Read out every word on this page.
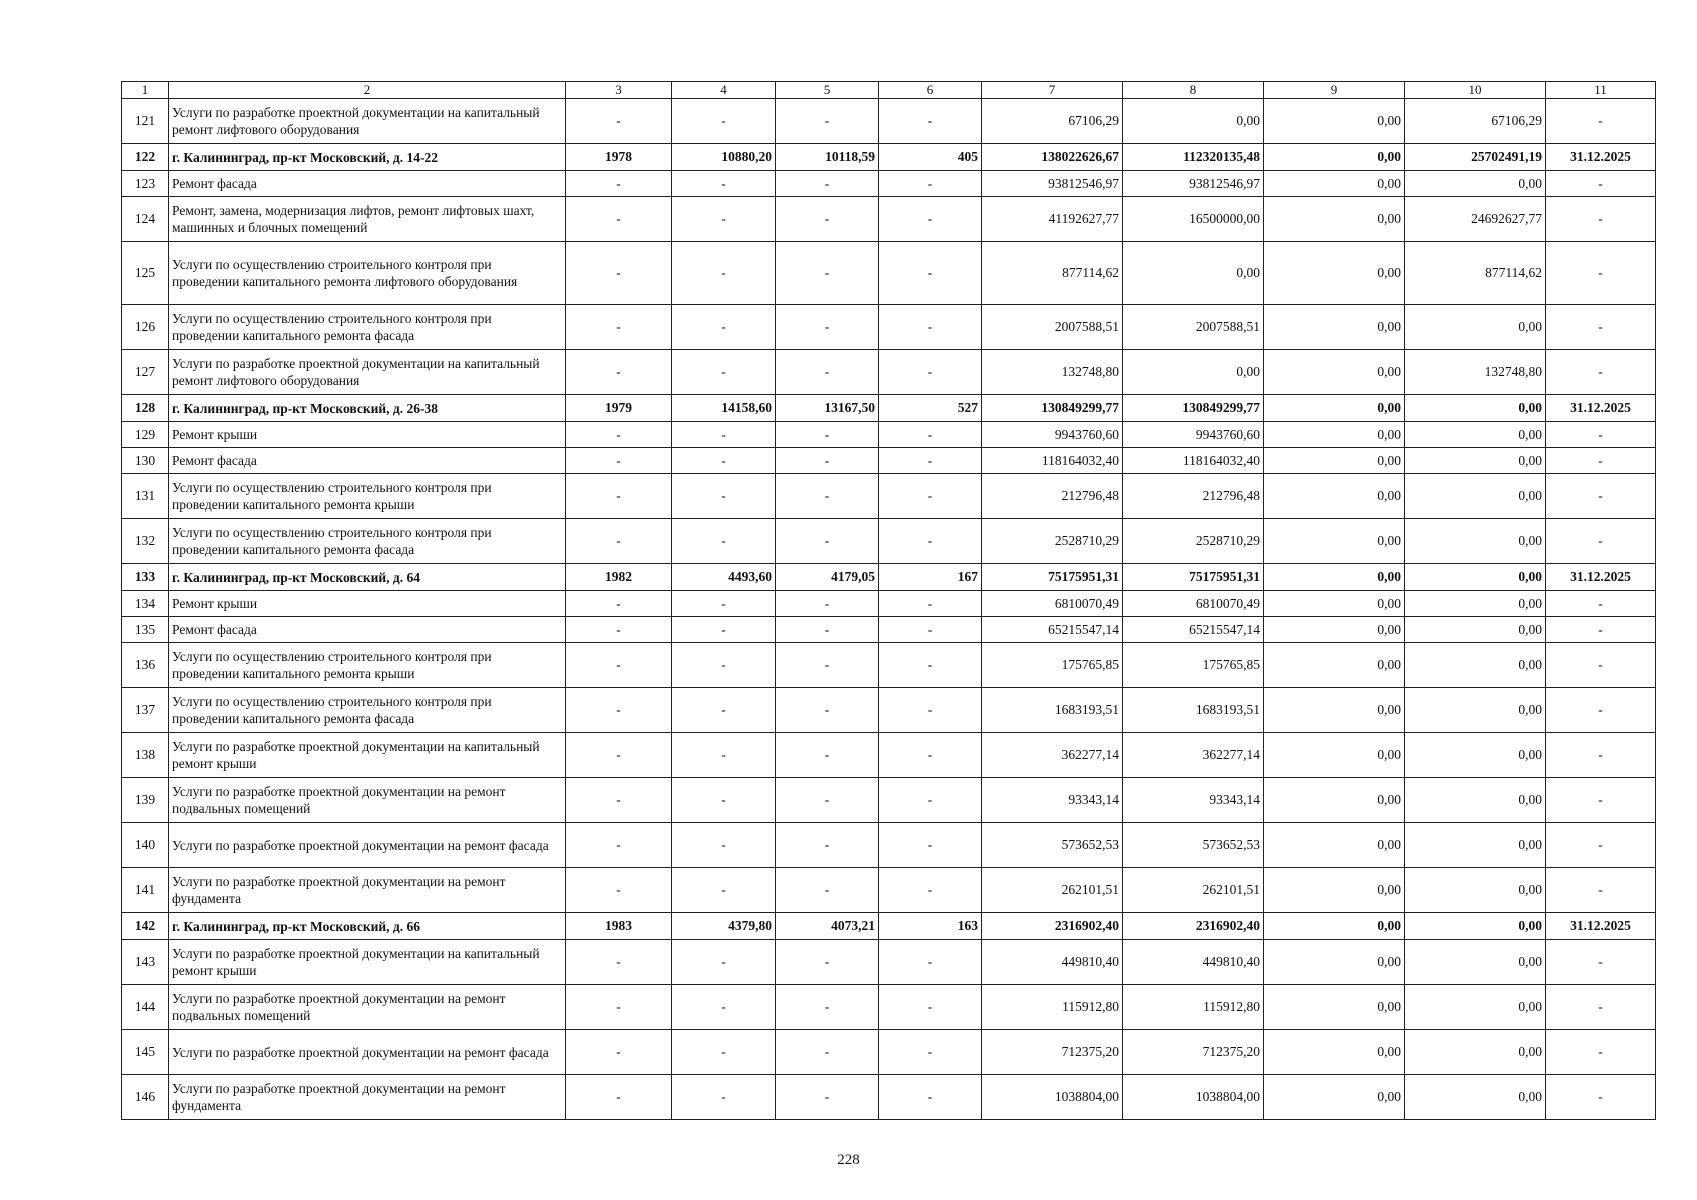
1	2	3	4	5	6	7	8	9	10	11
121	Услуги по разработке проектной документации на капитальный ремонт лифтового оборудования	-	-	-	-	67106,29	0,00	0,00	67106,29	-
122	г. Калининград, пр-кт Московский, д. 14-22	1978	10880,20	10118,59	405	138022626,67	112320135,48	0,00	25702491,19	31.12.2025
123	Ремонт фасада	-	-	-	-	93812546,97	93812546,97	0,00	0,00	-
124	Ремонт, замена, модернизация лифтов, ремонт лифтовых шахт, машинных и блочных помещений	-	-	-	-	41192627,77	16500000,00	0,00	24692627,77	-
125	Услуги по осуществлению строительного контроля при проведении капитального ремонта лифтового оборудования	-	-	-	-	877114,62	0,00	0,00	877114,62	-
126	Услуги по осуществлению строительного контроля при проведении капитального ремонта фасада	-	-	-	-	2007588,51	2007588,51	0,00	0,00	-
127	Услуги по разработке проектной документации на капитальный ремонт лифтового оборудования	-	-	-	-	132748,80	0,00	0,00	132748,80	-
128	г. Калининград, пр-кт Московский, д. 26-38	1979	14158,60	13167,50	527	130849299,77	130849299,77	0,00	0,00	31.12.2025
129	Ремонт крыши	-	-	-	-	9943760,60	9943760,60	0,00	0,00	-
130	Ремонт фасада	-	-	-	-	118164032,40	118164032,40	0,00	0,00	-
131	Услуги по осуществлению строительного контроля при проведении капитального ремонта крыши	-	-	-	-	212796,48	212796,48	0,00	0,00	-
132	Услуги по осуществлению строительного контроля при проведении капитального ремонта фасада	-	-	-	-	2528710,29	2528710,29	0,00	0,00	-
133	г. Калининград, пр-кт Московский, д. 64	1982	4493,60	4179,05	167	75175951,31	75175951,31	0,00	0,00	31.12.2025
134	Ремонт крыши	-	-	-	-	6810070,49	6810070,49	0,00	0,00	-
135	Ремонт фасада	-	-	-	-	65215547,14	65215547,14	0,00	0,00	-
136	Услуги по осуществлению строительного контроля при проведении капитального ремонта крыши	-	-	-	-	175765,85	175765,85	0,00	0,00	-
137	Услуги по осуществлению строительного контроля при проведении капитального ремонта фасада	-	-	-	-	1683193,51	1683193,51	0,00	0,00	-
138	Услуги по разработке проектной документации на капитальный ремонт крыши	-	-	-	-	362277,14	362277,14	0,00	0,00	-
139	Услуги по разработке проектной документации на ремонт подвальных помещений	-	-	-	-	93343,14	93343,14	0,00	0,00	-
140	Услуги по разработке проектной документации на ремонт фасада	-	-	-	-	573652,53	573652,53	0,00	0,00	-
141	Услуги по разработке проектной документации на ремонт фундамента	-	-	-	-	262101,51	262101,51	0,00	0,00	-
142	г. Калининград, пр-кт Московский, д. 66	1983	4379,80	4073,21	163	2316902,40	2316902,40	0,00	0,00	31.12.2025
143	Услуги по разработке проектной документации на капитальный ремонт крыши	-	-	-	-	449810,40	449810,40	0,00	0,00	-
144	Услуги по разработке проектной документации на ремонт подвальных помещений	-	-	-	-	115912,80	115912,80	0,00	0,00	-
145	Услуги по разработке проектной документации на ремонт фасада	-	-	-	-	712375,20	712375,20	0,00	0,00	-
146	Услуги по разработке проектной документации на ремонт фундамента	-	-	-	-	1038804,00	1038804,00	0,00	0,00	-
228
